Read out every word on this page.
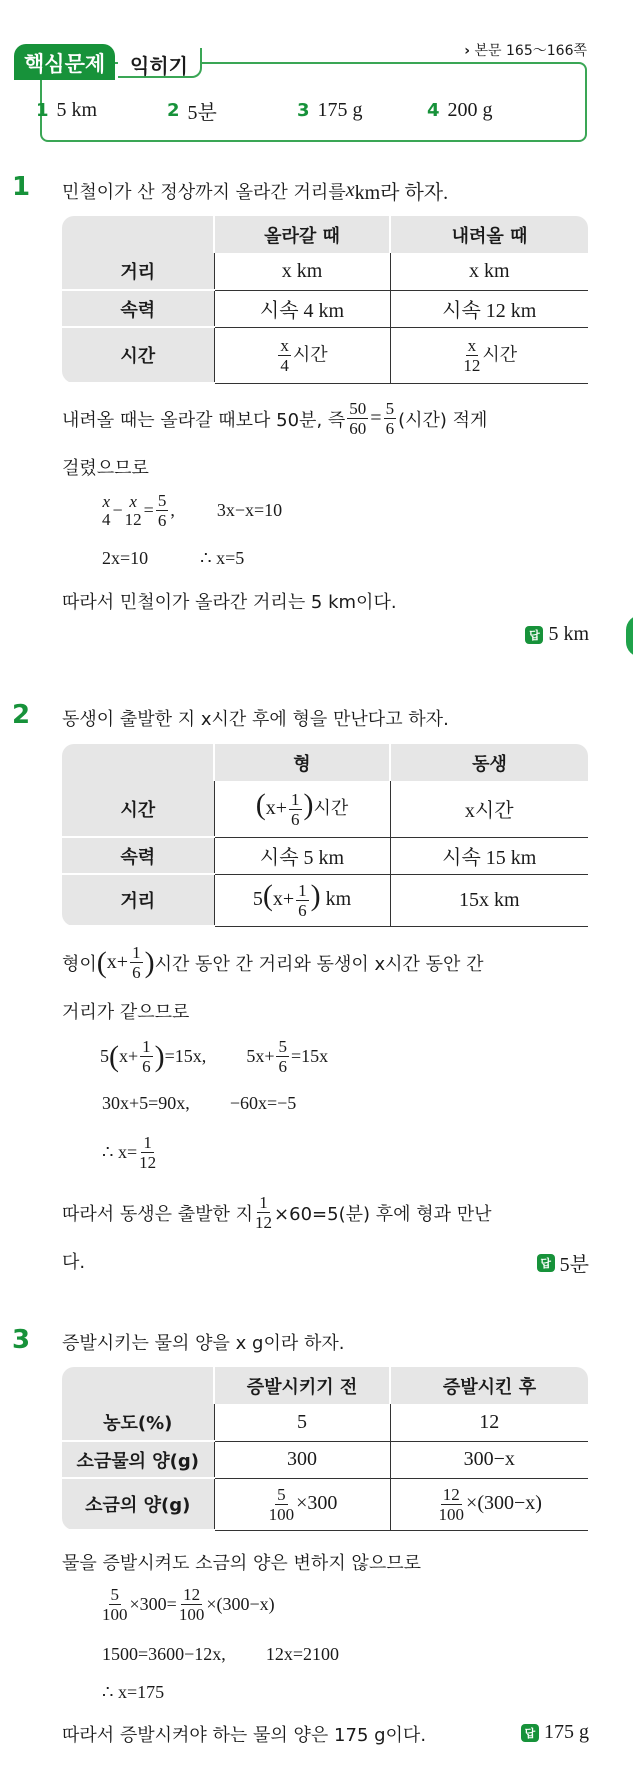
핵심문제	익히기
› 본문 165～166쪽
1 5 km	2 5분	3 175 g	4 200 g
1 민철이가 산 정상까지 올라간 거리를 x km라 하자.
	올라갈 때	내려올 때
거리	x km	x km
속력	시속 4 km	시속 12 km
시간	$\frac{x}{4}$ 시간	$\frac{x}{12}$ 시간
내려올 때는 올라갈 때보다 50분, 즉 $\frac{50}{60} = \frac{5}{6}$ (시간) 적게
걸렸으므로
x
4 − x
$12 = \frac{5}{6}$ , 3x−x=10
2x=10	∴ x=5
따라서 민철이가 올라간 거리는 5 km이다.
답 5 km
2 동생이 출발한 지 x시간 후에 형을 만난다고 하자.
	형	동생
시간	($x+ \frac{1}{6}$ )시간	x시간
속력	시속 5 km	시속 15 km
거리	$5(x+ \frac{1}{6}$ ) km	15x km
형이 ( $x+ \frac{1}{6}$ ) 시간 동안 간 거리와 동생이 x시간 동안 간
거리가 같으므로
5 ( $x+ \frac{1}{6}$ ) =15x, $5x+ \frac{5}{6} =15x$
30x+5=90x, −60x=−5
∴ $x= \frac{1}{12}$
따라서 동생은 출발한 지 $\frac{1}{12} \times 60=5$(분) 후에 형과 만난
다.	답 5분
3 증발시키는 물의 양을 x g이라 하자.
	증발시키기 전	증발시킨 후
농도(%)	5	12
소금물의 양(g)	300	300−x
소금의 양(g)	$\frac{5}{100} \times 300$	$\frac{12}{100} \times(300-x)$
물을 증발시켜도 소금의 양은 변하지 않으므로
$\frac{5}{100} \times 300= \frac{12}{100} \times(300-x)$
1500=3600−12x, 12x=2100
∴ x=175
따라서 증발시켜야 하는 물의 양은 175 g이다.	답 175 g
